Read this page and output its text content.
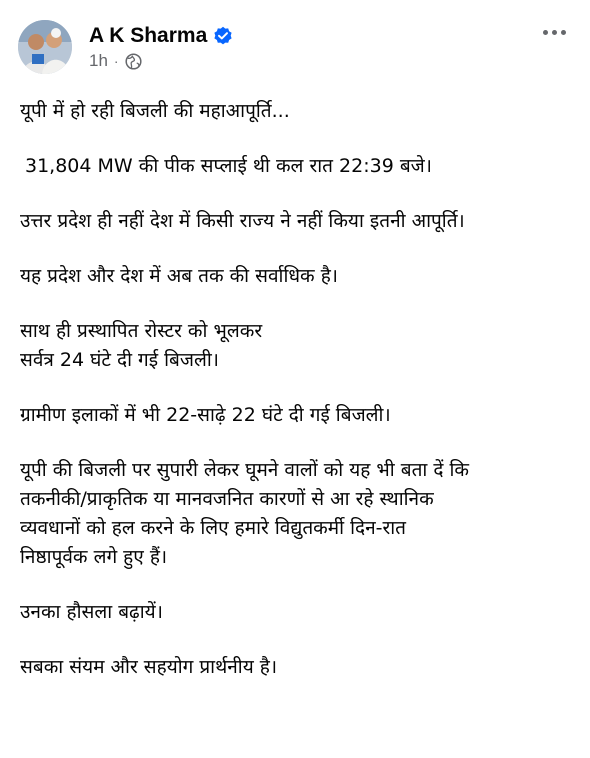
A K Sharma
1h ·

यूपी में हो रही बिजली की महाआपूर्ति...

31,804 MW की पीक सप्लाई थी कल रात 22:39 बजे।

उत्तर प्रदेश ही नहीं देश में किसी राज्य ने नहीं किया इतनी आपूर्ति।

यह प्रदेश और देश में अब तक की सर्वाधिक है।

साथ ही प्रस्थापित रोस्टर को भूलकर
सर्वत्र 24 घंटे दी गई बिजली।

ग्रामीण इलाकों में भी 22-साढ़े 22 घंटे दी गई बिजली।

यूपी की बिजली पर सुपारी लेकर घूमने वालों को यह भी बता दें कि
तकनीकी/प्राकृतिक या मानवजनित कारणों से आ रहे स्थानिक
व्यवधानों को हल करने के लिए हमारे विद्युतकर्मी दिन-रात
निष्ठापूर्वक लगे हुए हैं।

उनका हौसला बढ़ायें।

सबका संयम और सहयोग प्रार्थनीय है।
